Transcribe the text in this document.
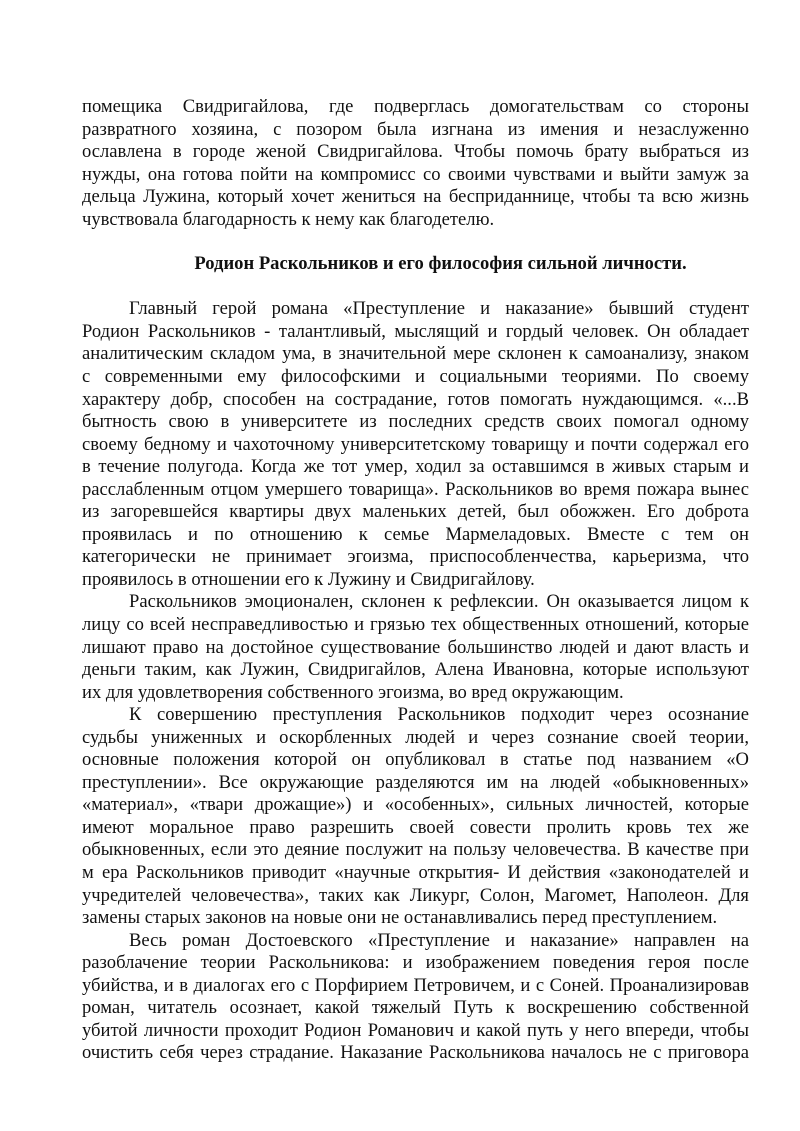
помещика Свидригайлова, где подверглась домогательствам со стороны
развратного хозяина, с позором была изгнана из имения и незаслуженно
ославлена в городе женой Свидригайлова. Чтобы помочь брату выбраться из
нужды, она готова пойти на компромисс со своими чувствами и выйти замуж за
дельца Лужина, который хочет жениться на бесприданнице, чтобы та всю жизнь
чувствовала благодарность к нему как благодетелю.
Родион Раскольников и его философия сильной личности.
Главный герой романа «Преступление и наказание» бывший студент
Родион Раскольников - талантливый, мыслящий и гордый человек. Он обладает
аналитическим складом ума, в значительной мере склонен к самоанализу, знаком
с современными ему философскими и социальными теориями. По своему
характеру добр, способен на сострадание, готов помогать нуждающимся. «...В
бытность свою в университете из последних средств своих помогал одному
своему бедному и чахоточному университетскому товарищу и почти содержал его
в течение полугода. Когда же тот умер, ходил за оставшимся в живых старым и
расслабленным отцом умершего товарища». Раскольников во время пожара вынес
из загоревшейся квартиры двух маленьких детей, был обожжен. Его доброта
проявилась и по отношению к семье Мармеладовых. Вместе с тем он
категорически не принимает эгоизма, приспособленчества, карьеризма, что
проявилось в отношении его к Лужину и Свидригайлову.
Раскольников эмоционален, склонен к рефлексии. Он оказывается лицом к
лицу со всей несправедливостью и грязью тех общественных отношений, которые
лишают право на достойное существование большинство людей и дают власть и
деньги таким, как Лужин, Свидригайлов, Алена Ивановна, которые используют
их для удовлетворения собственного эгоизма, во вред окружающим.
К совершению преступления Раскольников подходит через осознание
судьбы униженных и оскорбленных людей и через сознание своей теории,
основные положения которой он опубликовал в статье под названием «О
преступлении». Все окружающие разделяются им на людей «обыкновенных»
«материал», «твари дрожащие») и «особенных», сильных личностей, которые
имеют моральное право разрешить своей совести пролить кровь тех же
обыкновенных, если это деяние послужит на пользу человечества. В качестве при
м ера Раскольников приводит «научные открытия- И действия «законодателей и
учредителей человечества», таких как Ликург, Солон, Магомет, Наполеон. Для
замены старых законов на новые они не останавливались перед преступлением.
Весь роман Достоевского «Преступление и наказание» направлен на
разоблачение теории Раскольникова: и изображением поведения героя после
убийства, и в диалогах его с Порфирием Петровичем, и с Соней. Проанализировав
роман, читатель осознает, какой тяжелый Путь к воскрешению собственной
убитой личности проходит Родион Романович и какой путь у него впереди, чтобы
очистить себя через страдание. Наказание Раскольникова началось не с приговора
